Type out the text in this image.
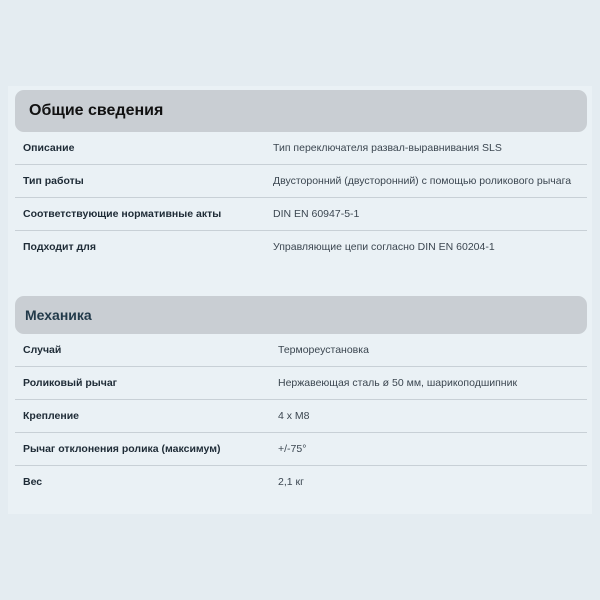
Общие сведения
Описание	Тип переключателя развал-выравнивания SLS
Тип работы	Двусторонний (двусторонний) с помощью роликового рычага
Соответствующие нормативные акты	DIN EN 60947-5-1
Подходит для	Управляющие цепи согласно DIN EN 60204-1
Механика
Случай	Термореустановка
Роликовый рычаг	Нержавеющая сталь ø 50 мм, шарикоподшипник
Крепление	4 x M8
Рычаг отклонения ролика (максимум)	+/-75°
Вес	2,1 кг
